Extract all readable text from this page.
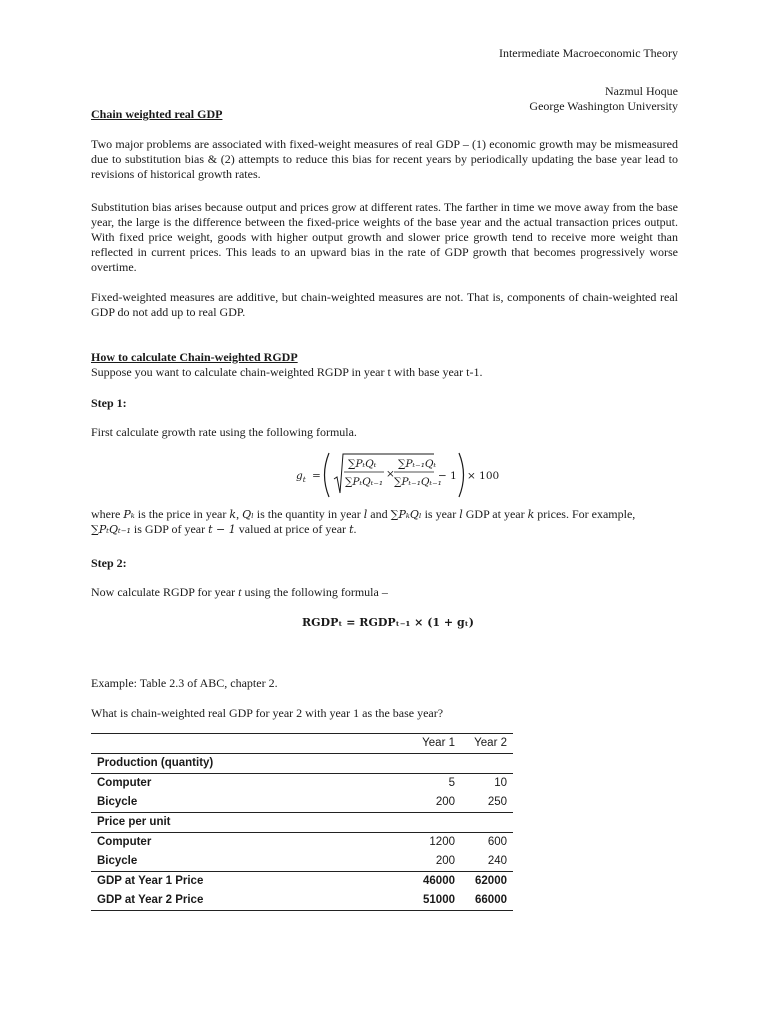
Intermediate Macroeconomic Theory
Nazmul Hoque
George Washington University

Chain weighted real GDP

Two major problems are associated with fixed-weight measures of real GDP – (1) economic growth may be mismeasured due to substitution bias & (2) attempts to reduce this bias for recent years by periodically updating the base year lead to revisions of historical growth rates.

Substitution bias arises because output and prices grow at different rates. The farther in time we move away from the base year, the large is the difference between the fixed-price weights of the base year and the actual transaction prices output. With fixed price weight, goods with higher output growth and slower price growth tend to receive more weight than reflected in current prices. This leads to an upward bias in the rate of GDP growth that becomes progressively worse overtime.

Fixed-weighted measures are additive, but chain-weighted measures are not. That is, components of chain-weighted real GDP do not add up to real GDP.

How to calculate Chain-weighted RGDP

Suppose you want to calculate chain-weighted RGDP in year t with base year t-1.

Step 1:

First calculate growth rate using the following formula.

$g_t$ =
∑PₜQₜ
∑PₜQₜ₋₁
×
∑Pₜ₋₁Qₜ
∑Pₜ₋₁Qₜ₋₁
− 1 × 100

where Pₖ is the price in year k, Qₗ is the quantity in year l and ∑PₖQₗ is year l GDP at year k prices. For example,
∑PₜQₜ₋₁ is GDP of year t − 1 valued at price of year t.

Step 2:

Now calculate RGDP for year t using the following formula –

RGDPₜ = RGDPₜ₋₁ × (1 + gₜ)

Example: Table 2.3 of ABC, chapter 2.

What is chain-weighted real GDP for year 2 with year 1 as the base year?

	Year 1	Year 2
Production (quantity)		
Computer	5	10
Bicycle	200	250
Price per unit		
Computer	1200	600
Bicycle	200	240
GDP at Year 1 Price	46000	62000
GDP at Year 2 Price	51000	66000
